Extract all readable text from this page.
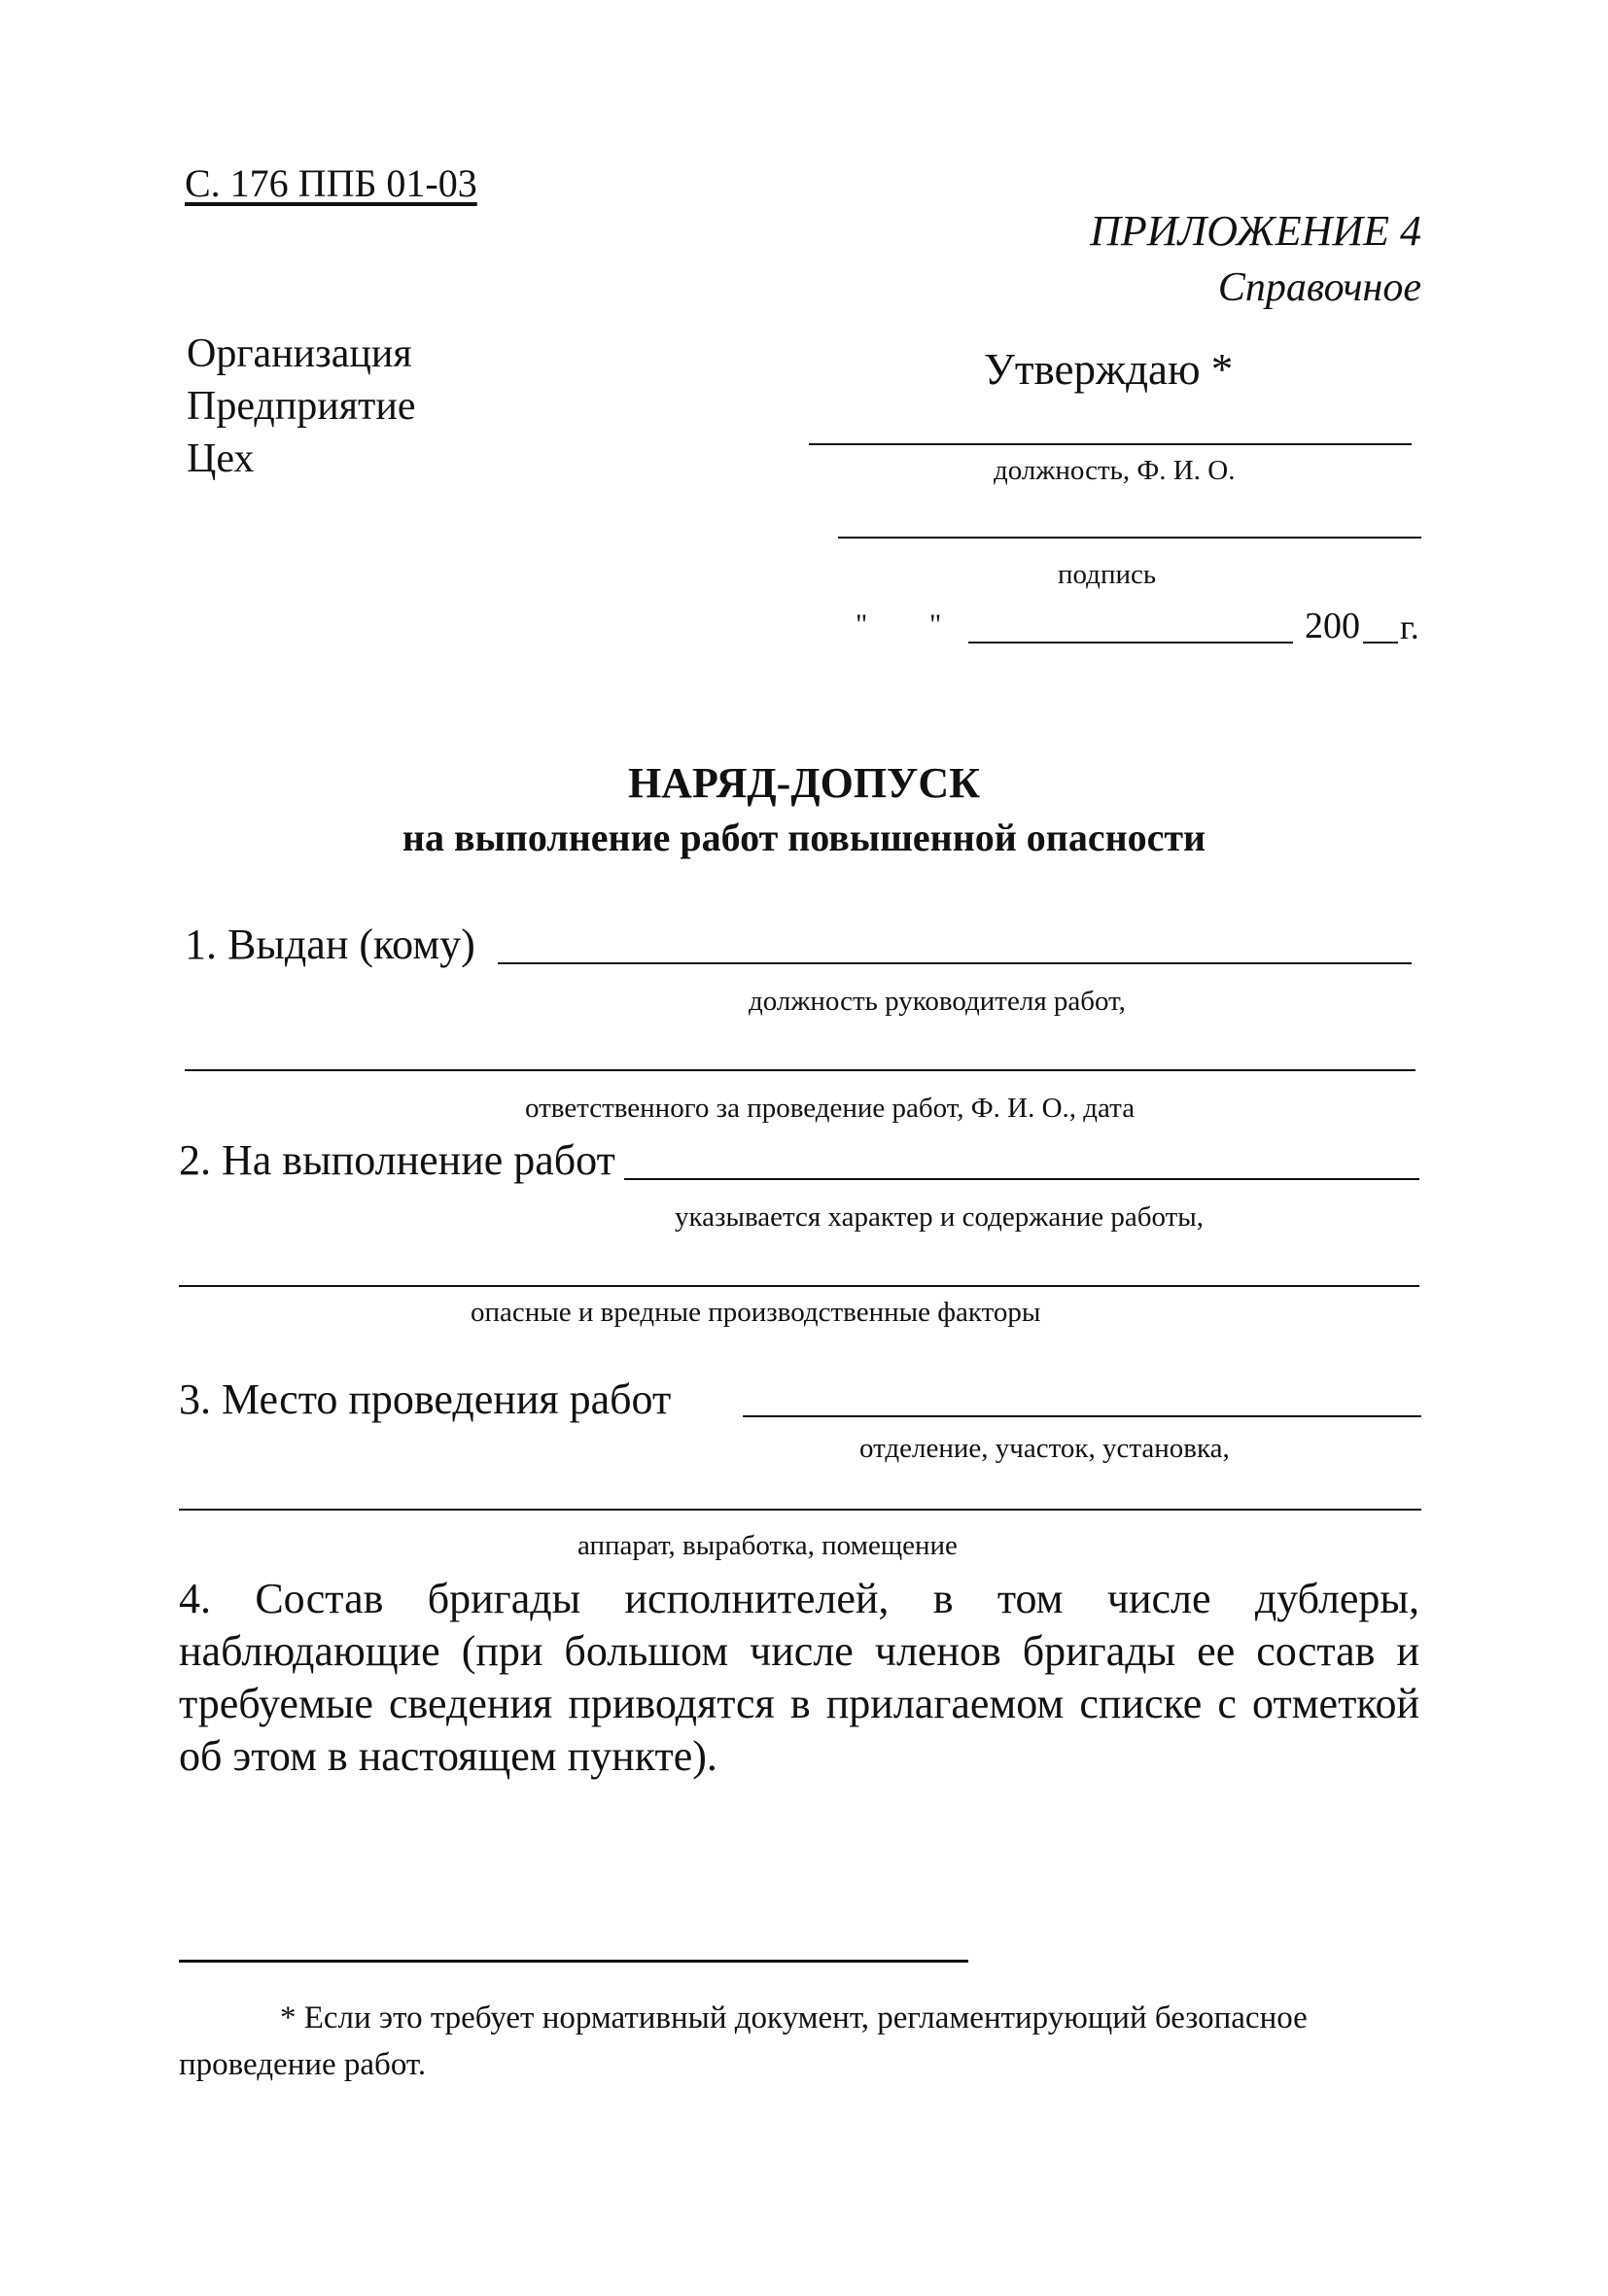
С. 176 ППБ 01-03
ПРИЛОЖЕНИЕ 4
Справочное
Организация
Предприятие
Цех
Утверждаю *
должность, Ф. И. О.
подпись
" "	200 г.
НАРЯД-ДОПУСК
на выполнение работ повышенной опасности
1. Выдан (кому)
должность руководителя работ,
ответственного за проведение работ, Ф. И. О., дата
2. На выполнение работ
указывается характер и содержание работы,
опасные и вредные производственные факторы
3. Место проведения работ
отделение, участок, установка,
аппарат, выработка, помещение
4. Состав бригады исполнителей, в том числе дублеры, наблюдающие (при большом числе членов бригады ее состав и требуемые сведения приводятся в прилагаемом списке с отметкой об этом в настоящем пункте).
* Если это требует нормативный документ, регламентирующий безопасное проведение работ.
